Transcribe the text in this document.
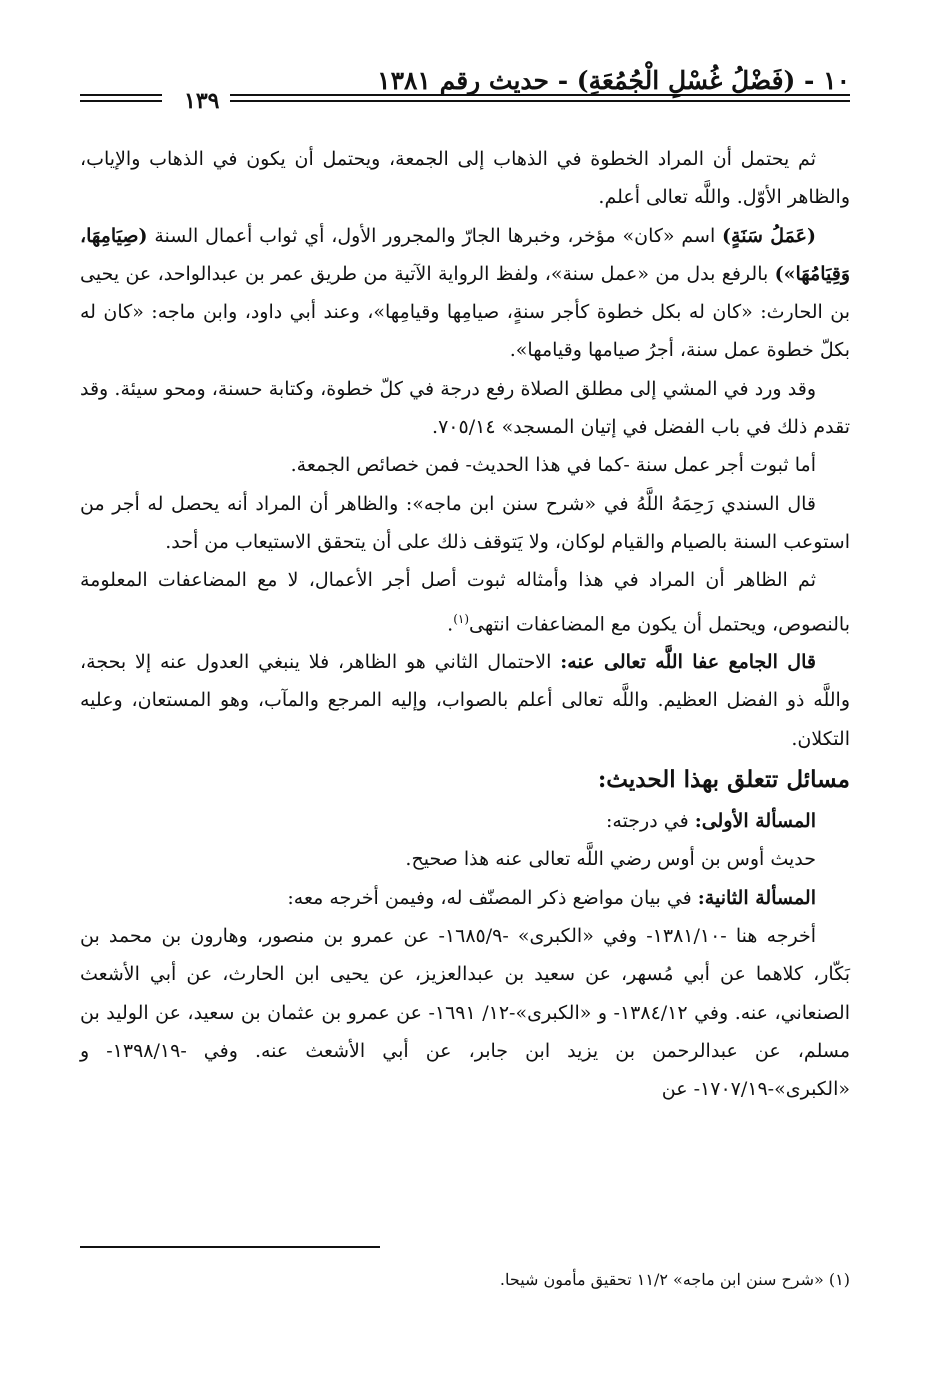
١٠ - (فَضْلُ غُسْلِ الْجُمُعَةِ) - حديث رقم ١٣٨١
١٣٩

ثم يحتمل أن المراد الخطوة في الذهاب إلى الجمعة، ويحتمل أن يكون في الذهاب والإياب، والظاهر الأوّل. واللَّه تعالى أعلم.

(عَمَلُ سَنَةٍ) اسم «كان» مؤخر، وخبرها الجارّ والمجرور الأول، أي ثواب أعمال السنة (صِيَامِهَا، وَقِيَامُهَا») بالرفع بدل من «عمل سنة»، ولفظ الرواية الآتية من طريق عمر بن عبدالواحد، عن يحيى بن الحارث: «كان له بكل خطوة كأجر سنةٍ، صيامِها وقيامِها»، وعند أبي داود، وابن ماجه: «كان له بكلّ خطوة عمل سنة، أجرُ صيامها وقيامها».

وقد ورد في المشي إلى مطلق الصلاة رفع درجة في كلّ خطوة، وكتابة حسنة، ومحو سيئة. وقد تقدم ذلك في باب الفضل في إتيان المسجد» ٧٠٥/١٤.

أما ثبوت أجر عمل سنة -كما في هذا الحديث- فمن خصائص الجمعة.

قال السندي رَحِمَهُ اللَّهُ في «شرح سنن ابن ماجه»: والظاهر أن المراد أنه يحصل له أجر من استوعب السنة بالصيام والقيام لوكان، ولا يَتوقف ذلك على أن يتحقق الاستيعاب من أحد.

ثم الظاهر أن المراد في هذا وأمثاله ثبوت أصل أجر الأعمال، لا مع المضاعفات المعلومة بالنصوص، ويحتمل أن يكون مع المضاعفات انتهى$^{(١)}$.

قال الجامع عفا اللَّه تعالى عنه: الاحتمال الثاني هو الظاهر، فلا ينبغي العدول عنه إلا بحجة، واللَّه ذو الفضل العظيم. واللَّه تعالى أعلم بالصواب، وإليه المرجع والمآب، وهو المستعان، وعليه التكلان.

مسائل تتعلق بهذا الحديث:

المسألة الأولى: في درجته:

حديث أوس بن أوس رضي اللَّه تعالى عنه هذا صحيح.

المسألة الثانية: في بيان مواضع ذكر المصنّف له، وفيمن أخرجه معه:

أخرجه هنا -١٣٨١/١٠- وفي «الكبرى» -١٦٨٥/٩- عن عمرو بن منصور، وهارون بن محمد بن بَكّار، كلاهما عن أبي مُسهر، عن سعيد بن عبدالعزيز، عن يحيى ابن الحارث، عن أبي الأشعث الصنعاني، عنه. وفي ١٣٨٤/١٢- و «الكبرى»-١٢/ ١٦٩١- عن عمرو بن عثمان بن سعيد، عن الوليد بن مسلم، عن عبدالرحمن بن يزيد ابن جابر، عن أبي الأشعث عنه. وفي -١٣٩٨/١٩- و «الكبرى»-١٧٠٧/١٩- عن

(١) «شرح سنن ابن ماجه» ١١/٢ تحقيق مأمون شيحا.
